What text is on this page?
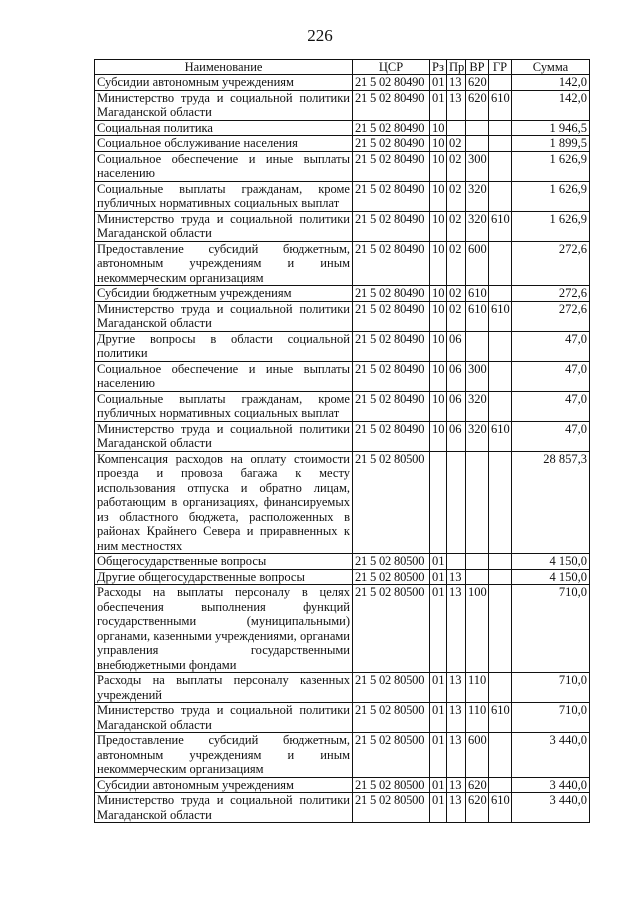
226
Наименование	ЦСР	Рз	Пр	ВР	ГР	Сумма
Субсидии автономным учреждениям	21 5 02 80490	01	13	620		142,0
Министерство труда и социальной политики Магаданской области	21 5 02 80490	01	13	620	610	142,0
Социальная политика	21 5 02 80490	10				1 946,5
Социальное обслуживание населения	21 5 02 80490	10	02			1 899,5
Социальное обеспечение и иные выплаты населению	21 5 02 80490	10	02	300		1 626,9
Социальные выплаты гражданам, кроме публичных нормативных социальных выплат	21 5 02 80490	10	02	320		1 626,9
Министерство труда и социальной политики Магаданской области	21 5 02 80490	10	02	320	610	1 626,9
Предоставление субсидий бюджетным, автономным учреждениям и иным некоммерческим организациям	21 5 02 80490	10	02	600		272,6
Субсидии бюджетным учреждениям	21 5 02 80490	10	02	610		272,6
Министерство труда и социальной политики Магаданской области	21 5 02 80490	10	02	610	610	272,6
Другие вопросы в области социальной политики	21 5 02 80490	10	06			47,0
Социальное обеспечение и иные выплаты населению	21 5 02 80490	10	06	300		47,0
Социальные выплаты гражданам, кроме публичных нормативных социальных выплат	21 5 02 80490	10	06	320		47,0
Министерство труда и социальной политики Магаданской области	21 5 02 80490	10	06	320	610	47,0
Компенсация расходов на оплату стоимости проезда и провоза багажа к месту использования отпуска и обратно лицам, работающим в организациях, финансируемых из областного бюджета, расположенных в районах Крайнего Севера и приравненных к ним местностях	21 5 02 80500					28 857,3
Общегосударственные вопросы	21 5 02 80500	01				4 150,0
Другие общегосударственные вопросы	21 5 02 80500	01	13			4 150,0
Расходы на выплаты персоналу в целях обеспечения выполнения функций государственными (муниципальными) органами, казенными учреждениями, органами управления государственными внебюджетными фондами	21 5 02 80500	01	13	100		710,0
Расходы на выплаты персоналу казенных учреждений	21 5 02 80500	01	13	110		710,0
Министерство труда и социальной политики Магаданской области	21 5 02 80500	01	13	110	610	710,0
Предоставление субсидий бюджетным, автономным учреждениям и иным некоммерческим организациям	21 5 02 80500	01	13	600		3 440,0
Субсидии автономным учреждениям	21 5 02 80500	01	13	620		3 440,0
Министерство труда и социальной политики Магаданской области	21 5 02 80500	01	13	620	610	3 440,0
